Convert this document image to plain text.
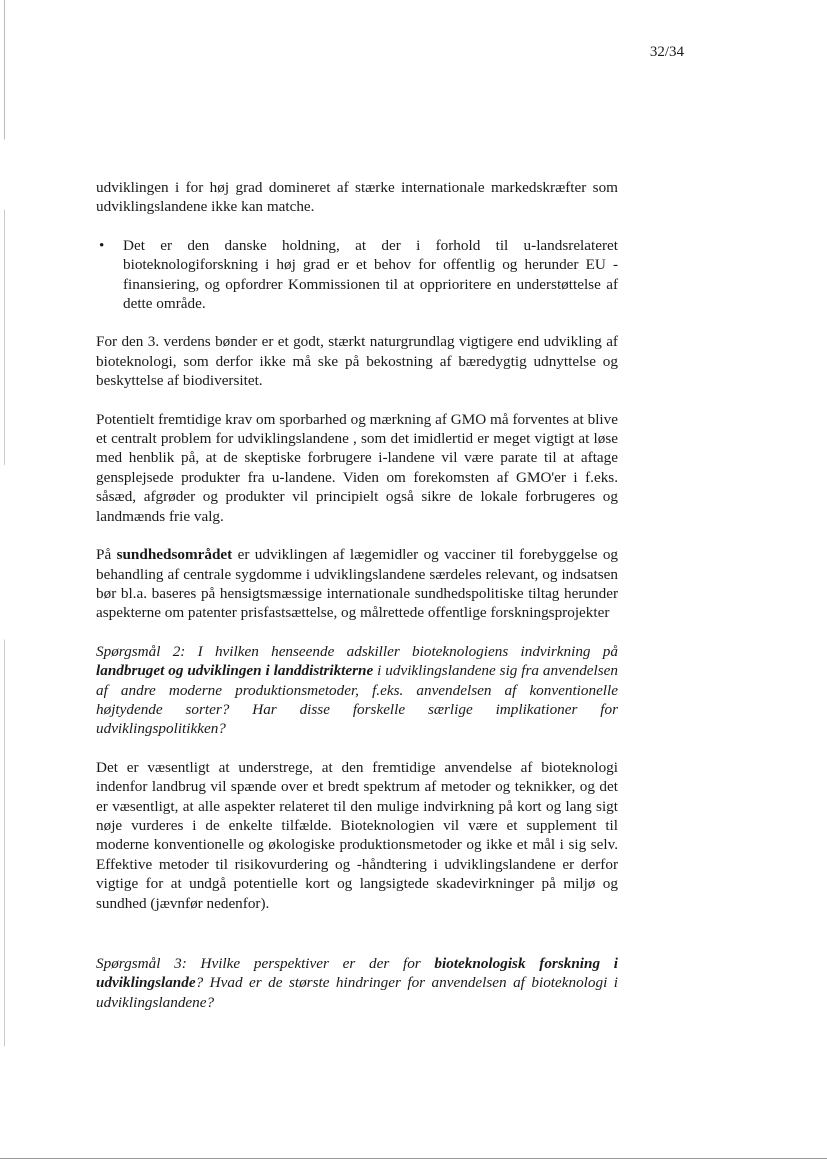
32/34

udviklingen i for høj grad domineret af stærke internationale markedskræfter som udviklingslandene ikke kan matche.

•	Det er den danske holdning, at der i forhold til u-landsrelateret bioteknologiforskning i høj grad er et behov for offentlig og herunder EU - finansiering, og opfordrer Kommissionen til at opprioritere en understøttelse af dette område.

For den 3. verdens bønder er et godt, stærkt naturgrundlag vigtigere end udvikling af bioteknologi, som derfor ikke må ske på bekostning af bæredygtig udnyttelse og beskyttelse af biodiversitet.

Potentielt fremtidige krav om sporbarhed og mærkning af GMO må forventes at blive et centralt problem for udviklingslandene , som det imidlertid er meget vigtigt at løse med henblik på, at de skeptiske forbrugere i-landene vil være parate til at aftage gensplejsede produkter fra u-landene. Viden om forekomsten af GMO'er i f.eks. såsæd, afgrøder og produkter vil principielt også sikre de lokale forbrugeres og landmænds frie valg.

På sundhedsområdet er udviklingen af lægemidler og vacciner til forebyggelse og behandling af centrale sygdomme i udviklingslandene særdeles relevant, og indsatsen bør bl.a. baseres på hensigtsmæssige internationale sundhedspolitiske tiltag herunder aspekterne om patenter prisfastsættelse, og målrettede offentlige forskningsprojekter

Spørgsmål 2: I hvilken henseende adskiller bioteknologiens indvirkning på landbruget og udviklingen i landdistrikterne i udviklingslandene sig fra anvendelsen af andre moderne produktionsmetoder, f.eks. anvendelsen af konventionelle højtydende sorter? Har disse forskelle særlige implikationer for udviklingspolitikken?

Det er væsentligt at understrege, at den fremtidige anvendelse af bioteknologi indenfor landbrug vil spænde over et bredt spektrum af metoder og teknikker, og det er væsentligt, at alle aspekter relateret til den mulige indvirkning på kort og lang sigt nøje vurderes i de enkelte tilfælde. Bioteknologien vil være et supplement til moderne konventionelle og økologiske produktionsmetoder og ikke et mål i sig selv. Effektive metoder til risikovurdering og -håndtering i udviklingslandene er derfor vigtige for at undgå potentielle kort og langsigtede skadevirkninger på miljø og sundhed (jævnfør nedenfor).

Spørgsmål 3: Hvilke perspektiver er der for bioteknologisk forskning i udviklingslande? Hvad er de største hindringer for anvendelsen af bioteknologi i udviklingslandene?
